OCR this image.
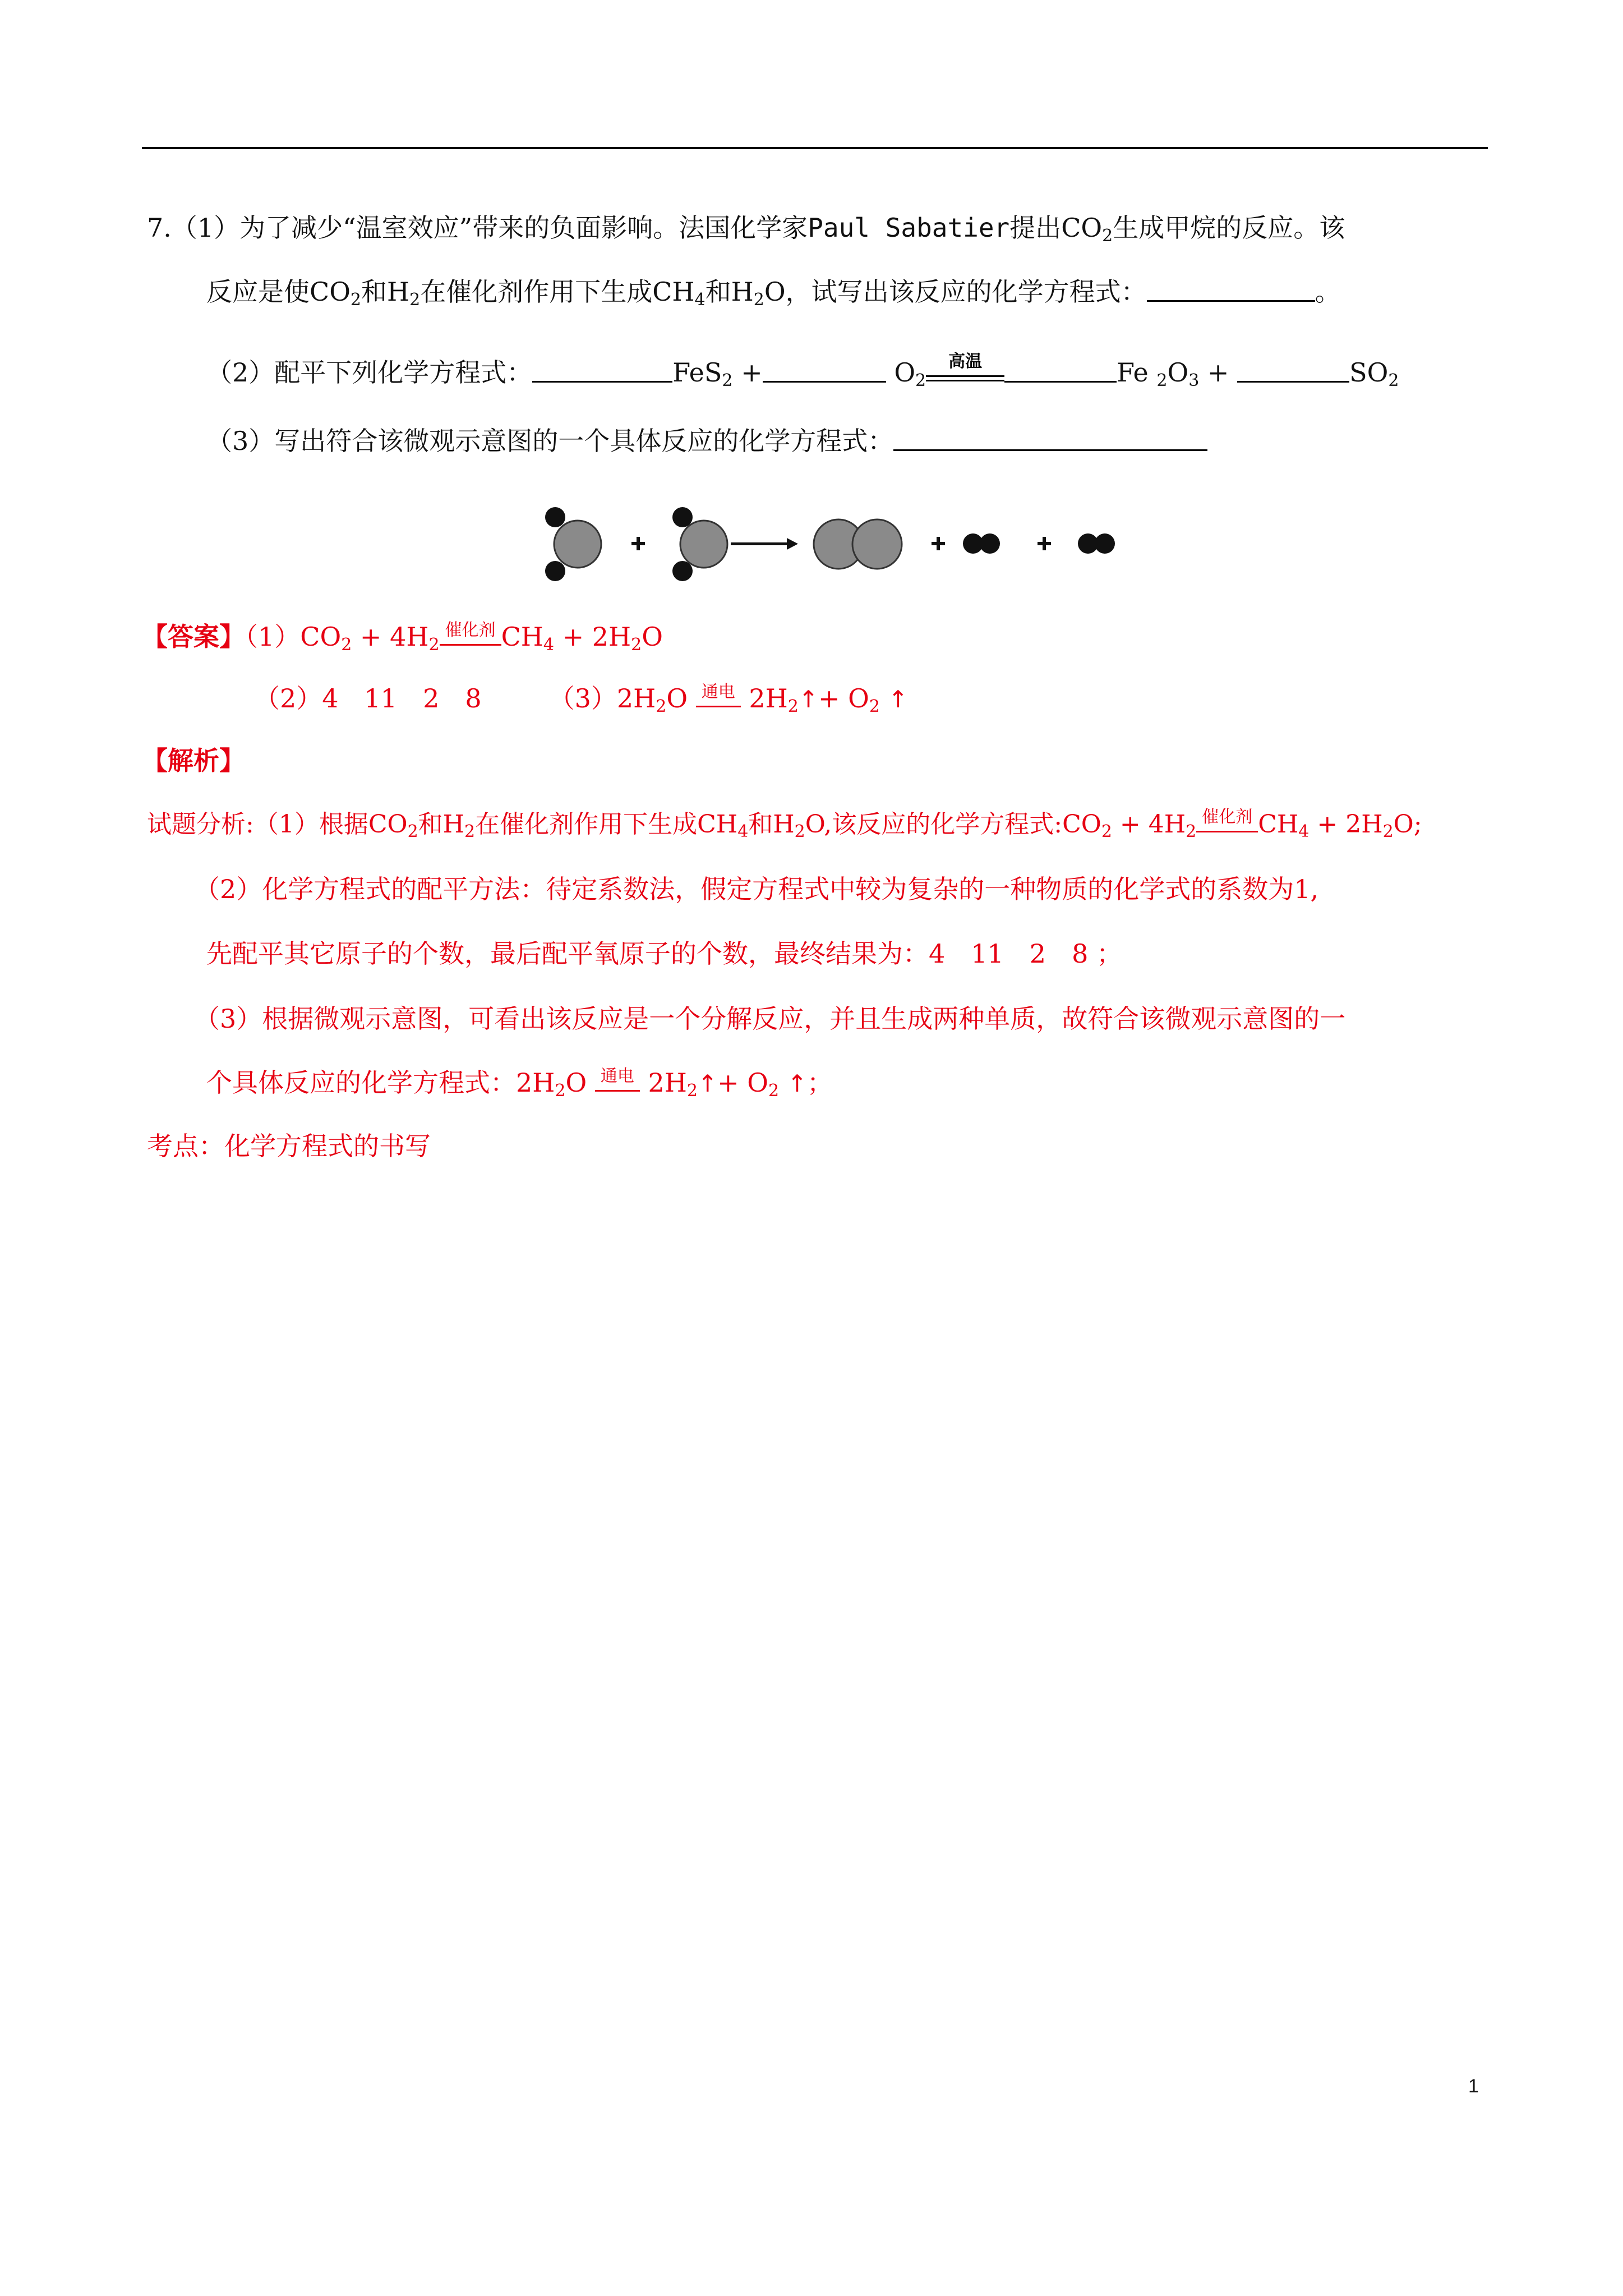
7.（1）为了减少“温室效应”带来的负面影响。法国化学家Paul Sabatier提出$CO_2$生成甲烷的反应。该
反应是使$CO_2$和$H_2$在催化剂作用下生成$CH_4$和$H_2O$，试写出该反应的化学方程式：	。
（2）配平下列化学方程式：	FeS$_2$ +	$O_2$
高温	Fe $_2O_3$ +	$SO_2$
（3）写出符合该微观示意图的一个具体反应的化学方程式：
【答案】$(1)CO_2 + 4H_2$
催化剂 $CH_4 + 2H_2O$
（2）4　11　2　8	$(3)2H_2O$ 通电 $2H_2↑+ O_2$ ↑
【解析】
试题分析:（1）根据$CO_2$和$H_2$在催化剂作用下生成$CH_4$和$H_2O$,该反应的化学方程式$:CO_2 + 4H_2$
催化剂 $CH_4 + 2H_2O$;
（2）化学方程式的配平方法：待定系数法，假定方程式中较为复杂的一种物质的化学式的系数为1,
先配平其它原子的个数，最后配平氧原子的个数，最终结果为：4　11　2　8 ；
（3）根据微观示意图，可看出该反应是一个分解反应，并且生成两种单质，故符合该微观示意图的一
个具体反应的化学方程式：$2H_2O$ 通电 $2H_2↑+ O_2$ ↑；
考点：化学方程式的书写
1
